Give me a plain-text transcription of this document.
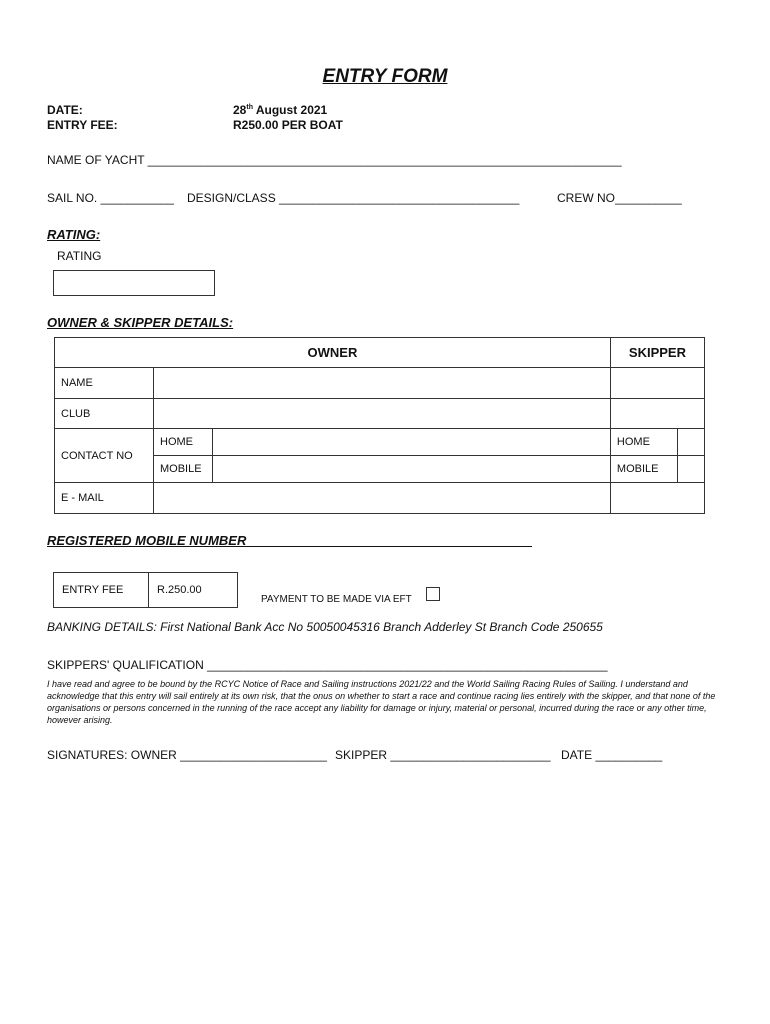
ENTRY FORM
DATE:	28th August 2021
ENTRY FEE:	R250.00 PER BOAT
NAME OF YACHT _______________________________________________________________________
SAIL NO. ___________ DESIGN/CLASS ____________________________________	CREW NO__________
RATING:
RATING
OWNER & SKIPPER DETAILS:
OWNER			SKIPPER	
NAME				
CLUB				
CONTACT NO	HOME		HOME	
	MOBILE		MOBILE	
E - MAIL				
REGISTERED MOBILE NUMBER _______________________________________
ENTRY FEE	R.250.00
PAYMENT TO BE MADE VIA EFT
BANKING DETAILS: First National Bank Acc No 50050045316 Branch Adderley St Branch Code 250655
SKIPPERS' QUALIFICATION ____________________________________________________________
I have read and agree to be bound by the RCYC Notice of Race and Sailing instructions 2021/22 and the World Sailing Racing Rules of Sailing. I understand and acknowledge that this entry will sail entirely at its own risk, that the onus on whether to start a race and continue racing lies entirely with the skipper, and that none of the organisations or persons concerned in the running of the race accept any liability for damage or injury, material or personal, incurred during the race or any other time, however arising.
SIGNATURES: OWNER ______________________ SKIPPER ________________________ DATE __________
